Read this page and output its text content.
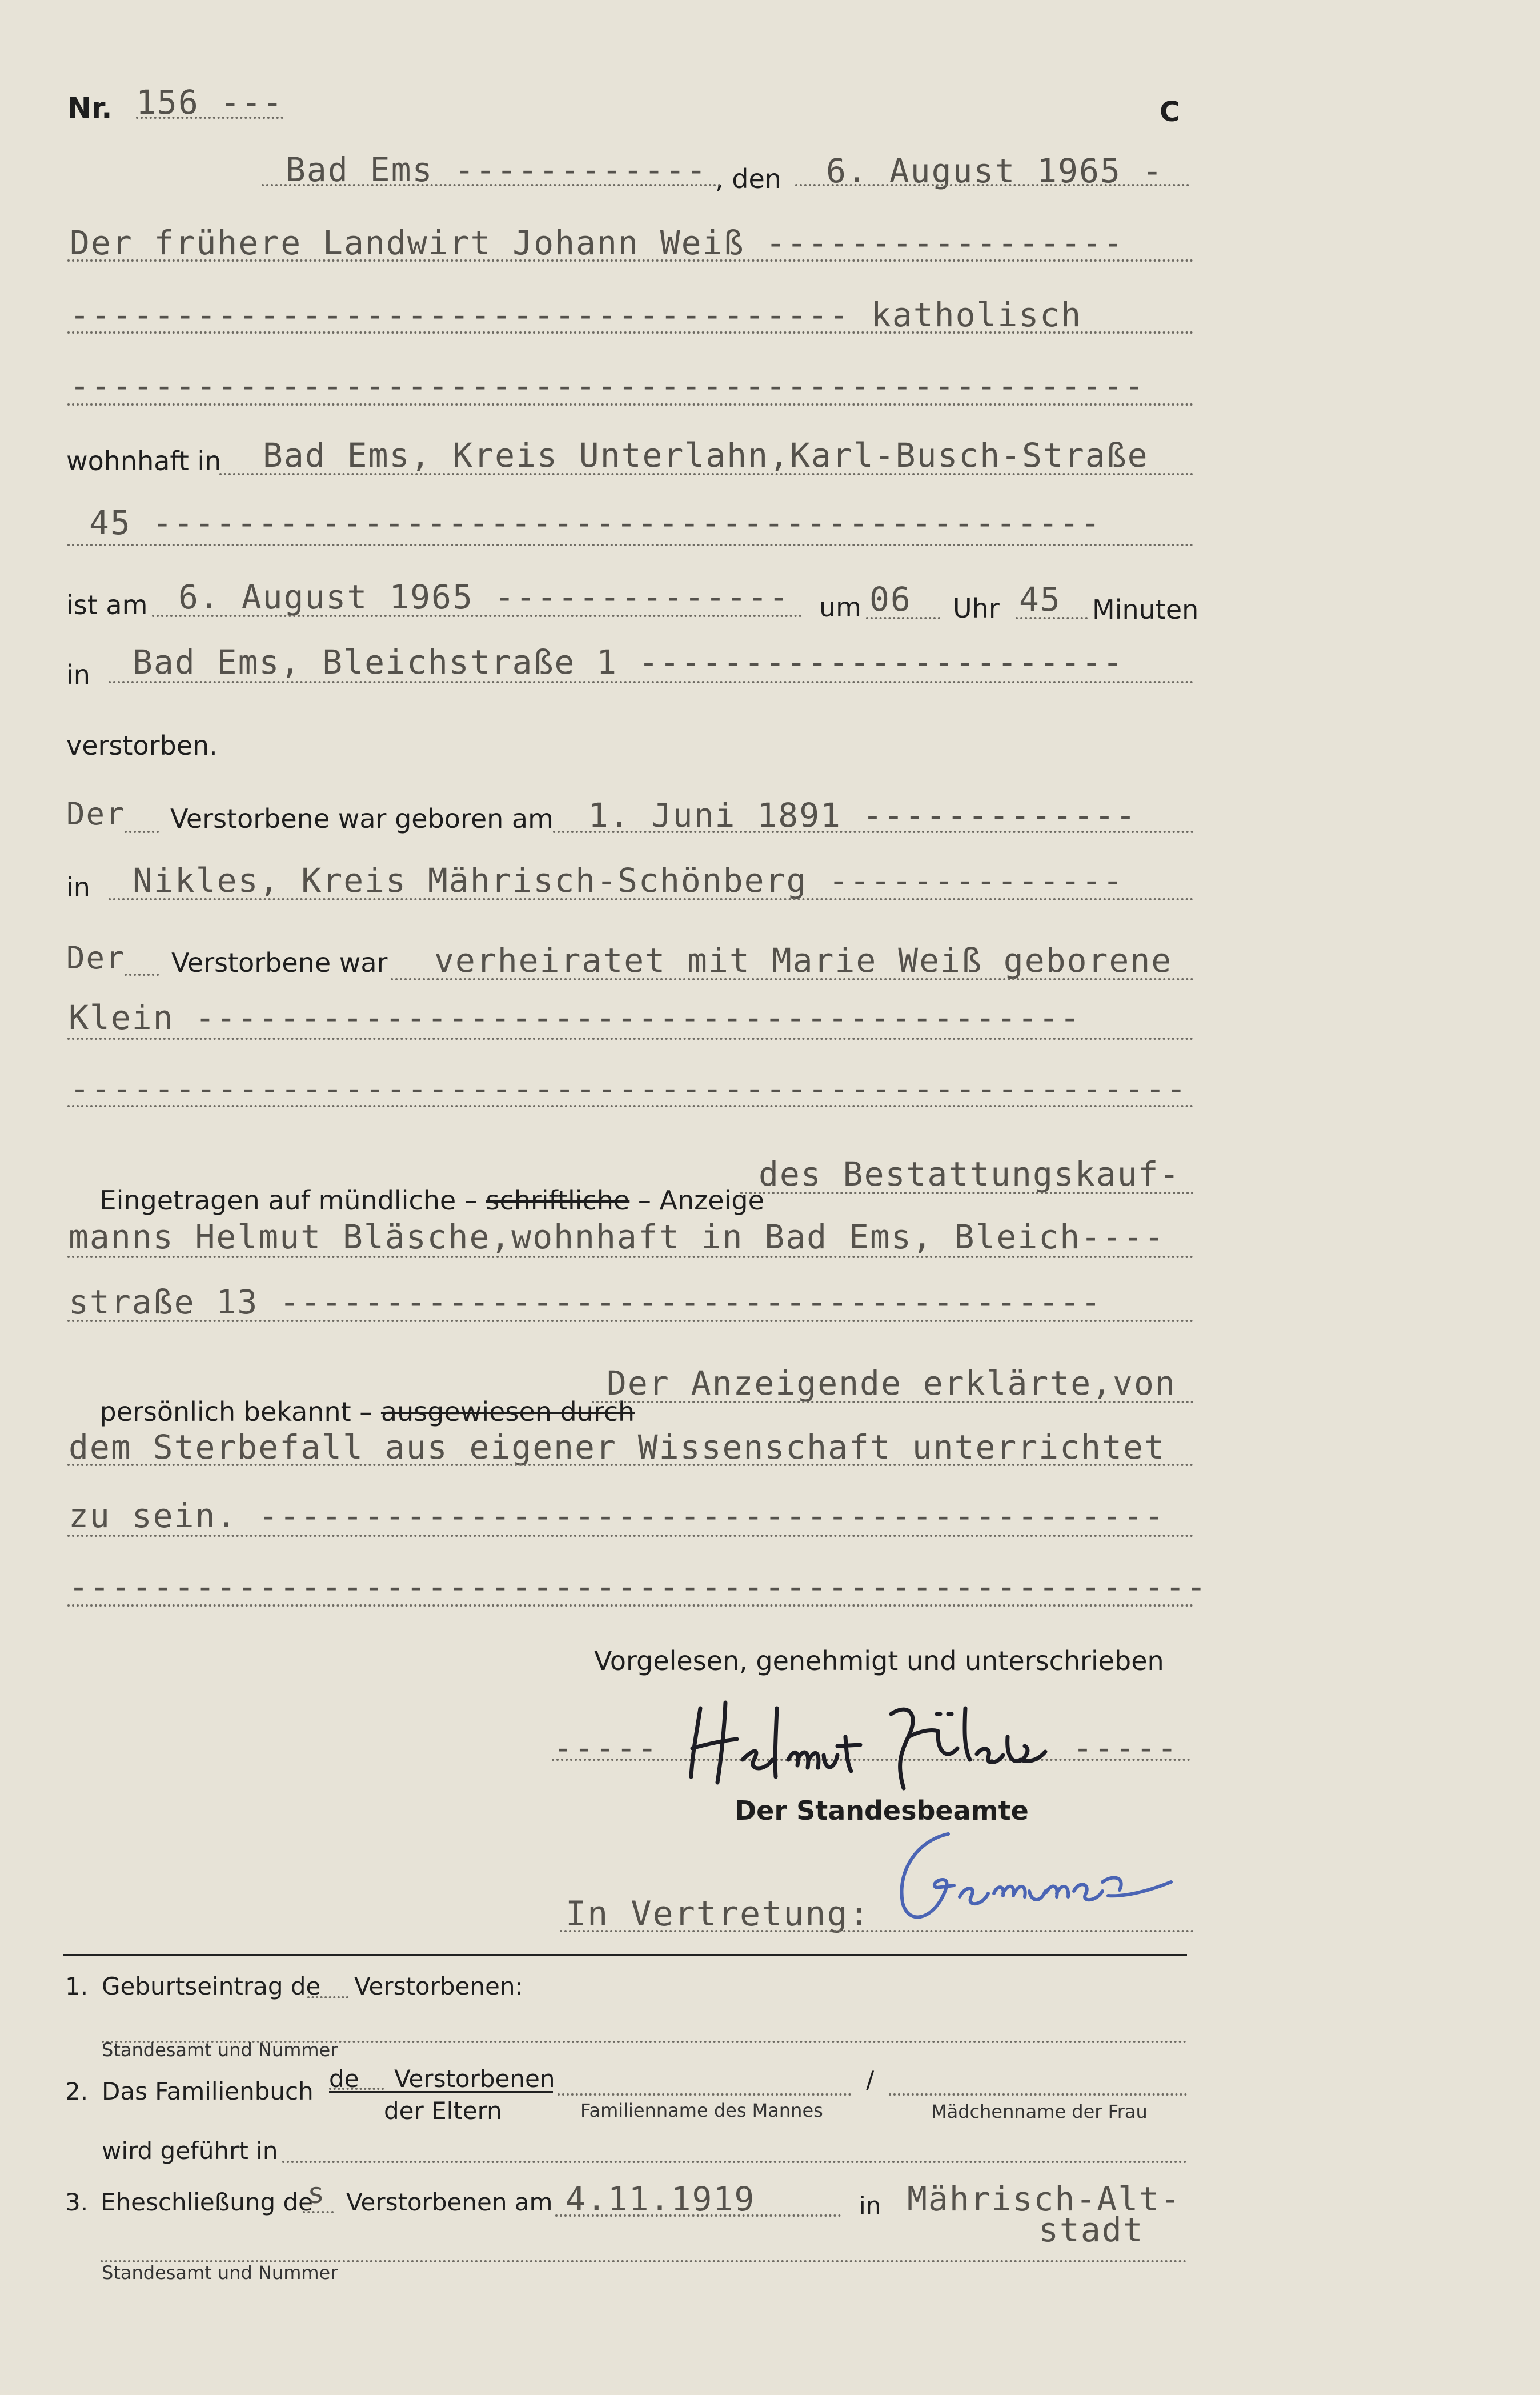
Nr. 156 ---	C
Bad Ems ------------ , den 6. August 1965 -
Der frühere Landwirt Johann Weiß -----------------
------------------------------------- katholisch
---------------------------------------------------
wohnhaft in Bad Ems, Kreis Unterlahn,Karl-Busch-Straße
45 ---------------------------------------------
ist am 6. August 1965 -------------- um 06 Uhr 45 Minuten
in Bad Ems, Bleichstraße 1 -----------------------
verstorben.
Der Verstorbene war geboren am 1. Juni 1891 -------------
in Nikles, Kreis Mährisch-Schönberg --------------
Der Verstorbene war verheiratet mit Marie Weiß geborene
Klein ------------------------------------------
-----------------------------------------------------

Eingetragen auf mündliche – schriftliche – Anzeige

des Bestattungskauf-
manns Helmut Bläsche,wohnhaft in Bad Ems, Bleich----
straße 13 ---------------------------------------

persönlich bekannt – ausgewiesen durch

Der Anzeigende erklärte,von
dem Sterbefall aus eigener Wissenschaft unterrichtet
zu sein. -------------------------------------------
------------------------------------------------------
Vorgelesen, genehmigt und unterschrieben
-----	-----
Der Standesbeamte
In Vertretung:
1. Geburtseintrag de Verstorbenen:
Standesamt und Nummer
2. Das Familienbuch de Verstorbenen
der Eltern
/
Familienname des Mannes	Mädchenname der Frau
wird geführt in
3. Eheschließung de
s Verstorbenen am 4.11.1919	in Mährisch-Alt-
stadt
Standesamt und Nummer
